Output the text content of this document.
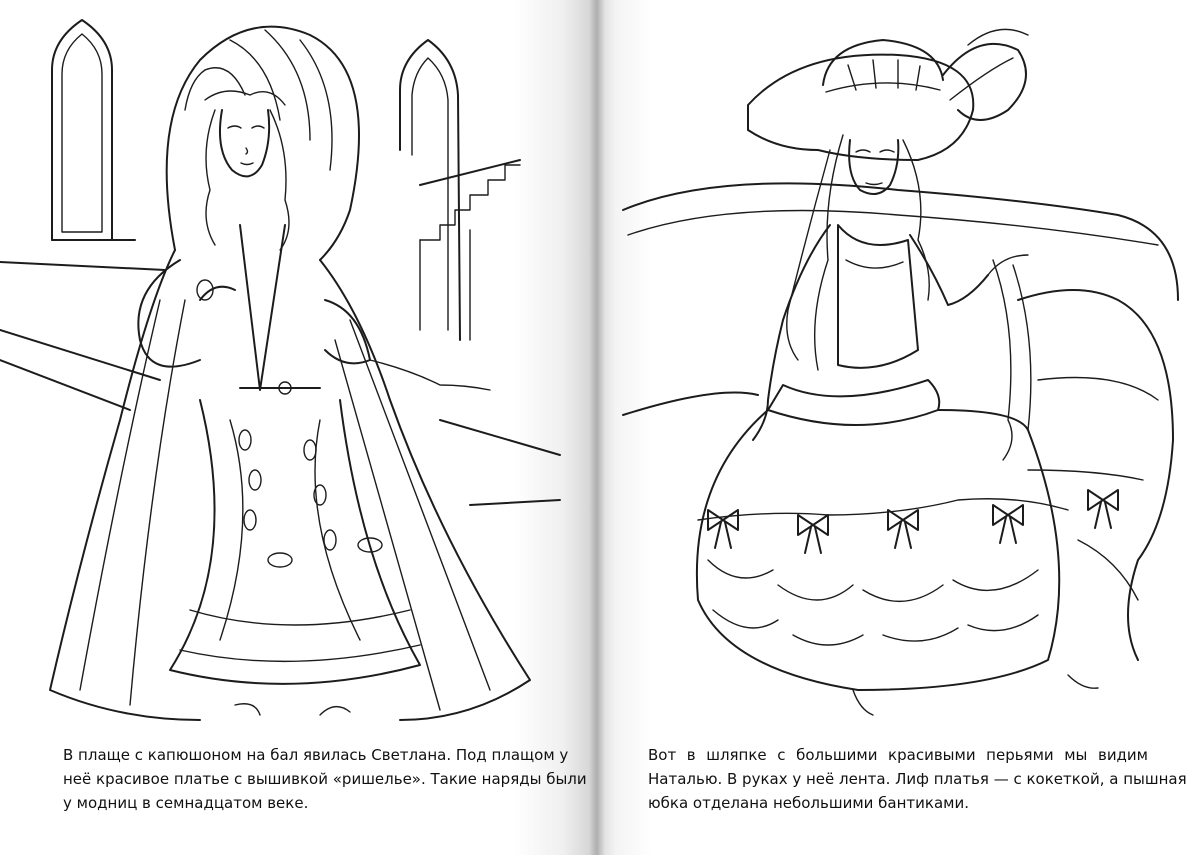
В плаще с капюшоном на бал явилась Светлана. Под плащом у
неё красивое платье с вышивкой «ришелье». Такие наряды были
у модниц в семнадцатом веке.
Вот в шляпке с большими красивыми перьями мы видим
Наталью. В руках у неё лента. Лиф платья — с кокеткой, а пышная
юбка отделана небольшими бантиками.
